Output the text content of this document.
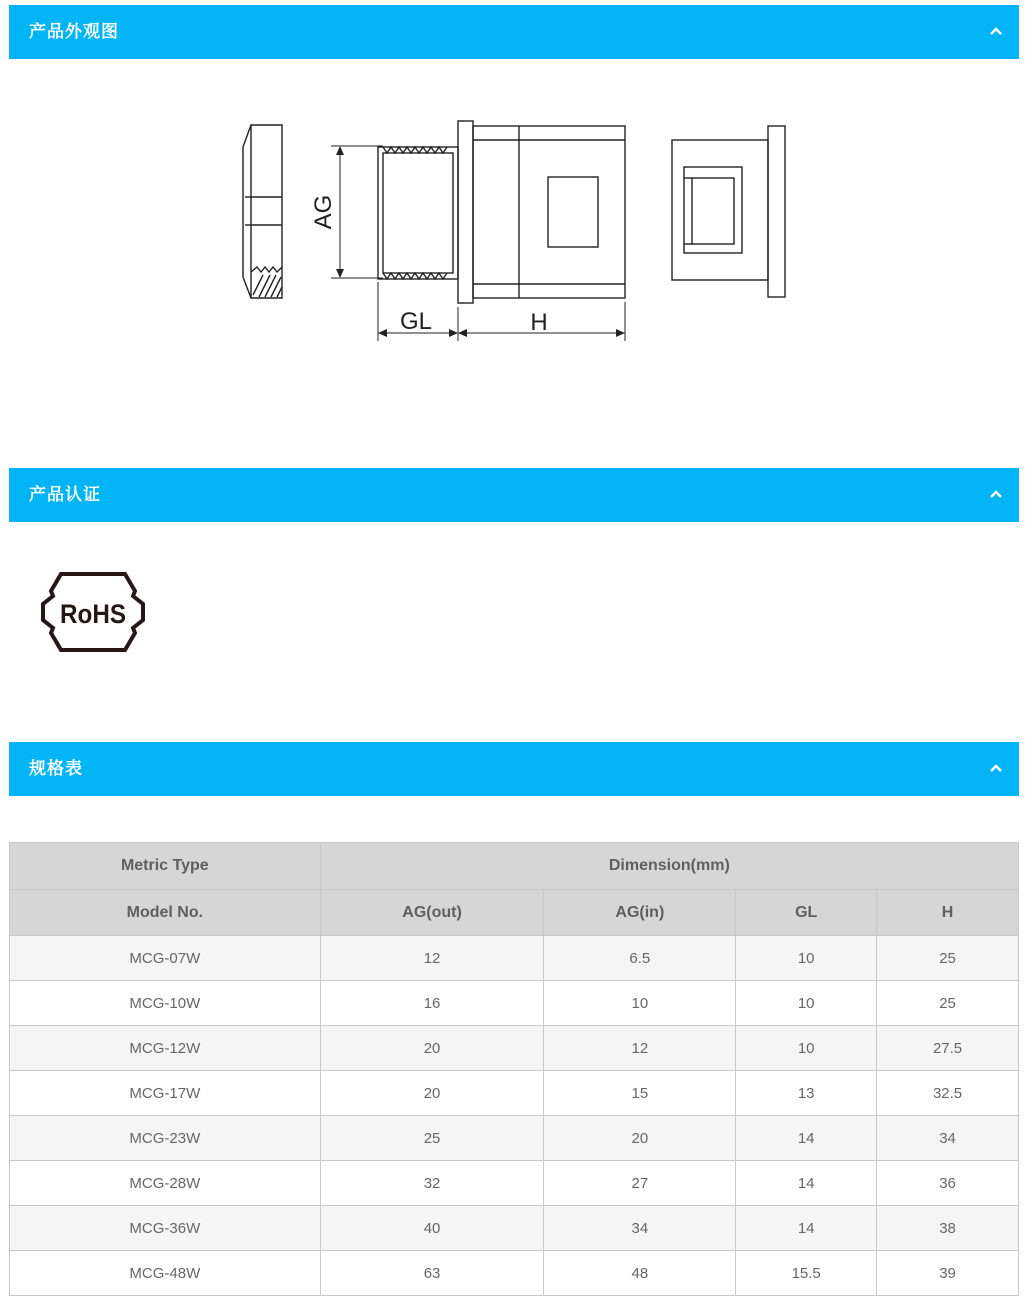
产品外观图
AG
GL	H
产品认证
RoHS
规格表
Metric Type	Dimension(mm)			
Model No.	AG(out)	AG(in)	GL	H
MCG-07W	12	6.5	10	25
MCG-10W	16	10	10	25
MCG-12W	20	12	10	27.5
MCG-17W	20	15	13	32.5
MCG-23W	25	20	14	34
MCG-28W	32	27	14	36
MCG-36W	40	34	14	38
MCG-48W	63	48	15.5	39
